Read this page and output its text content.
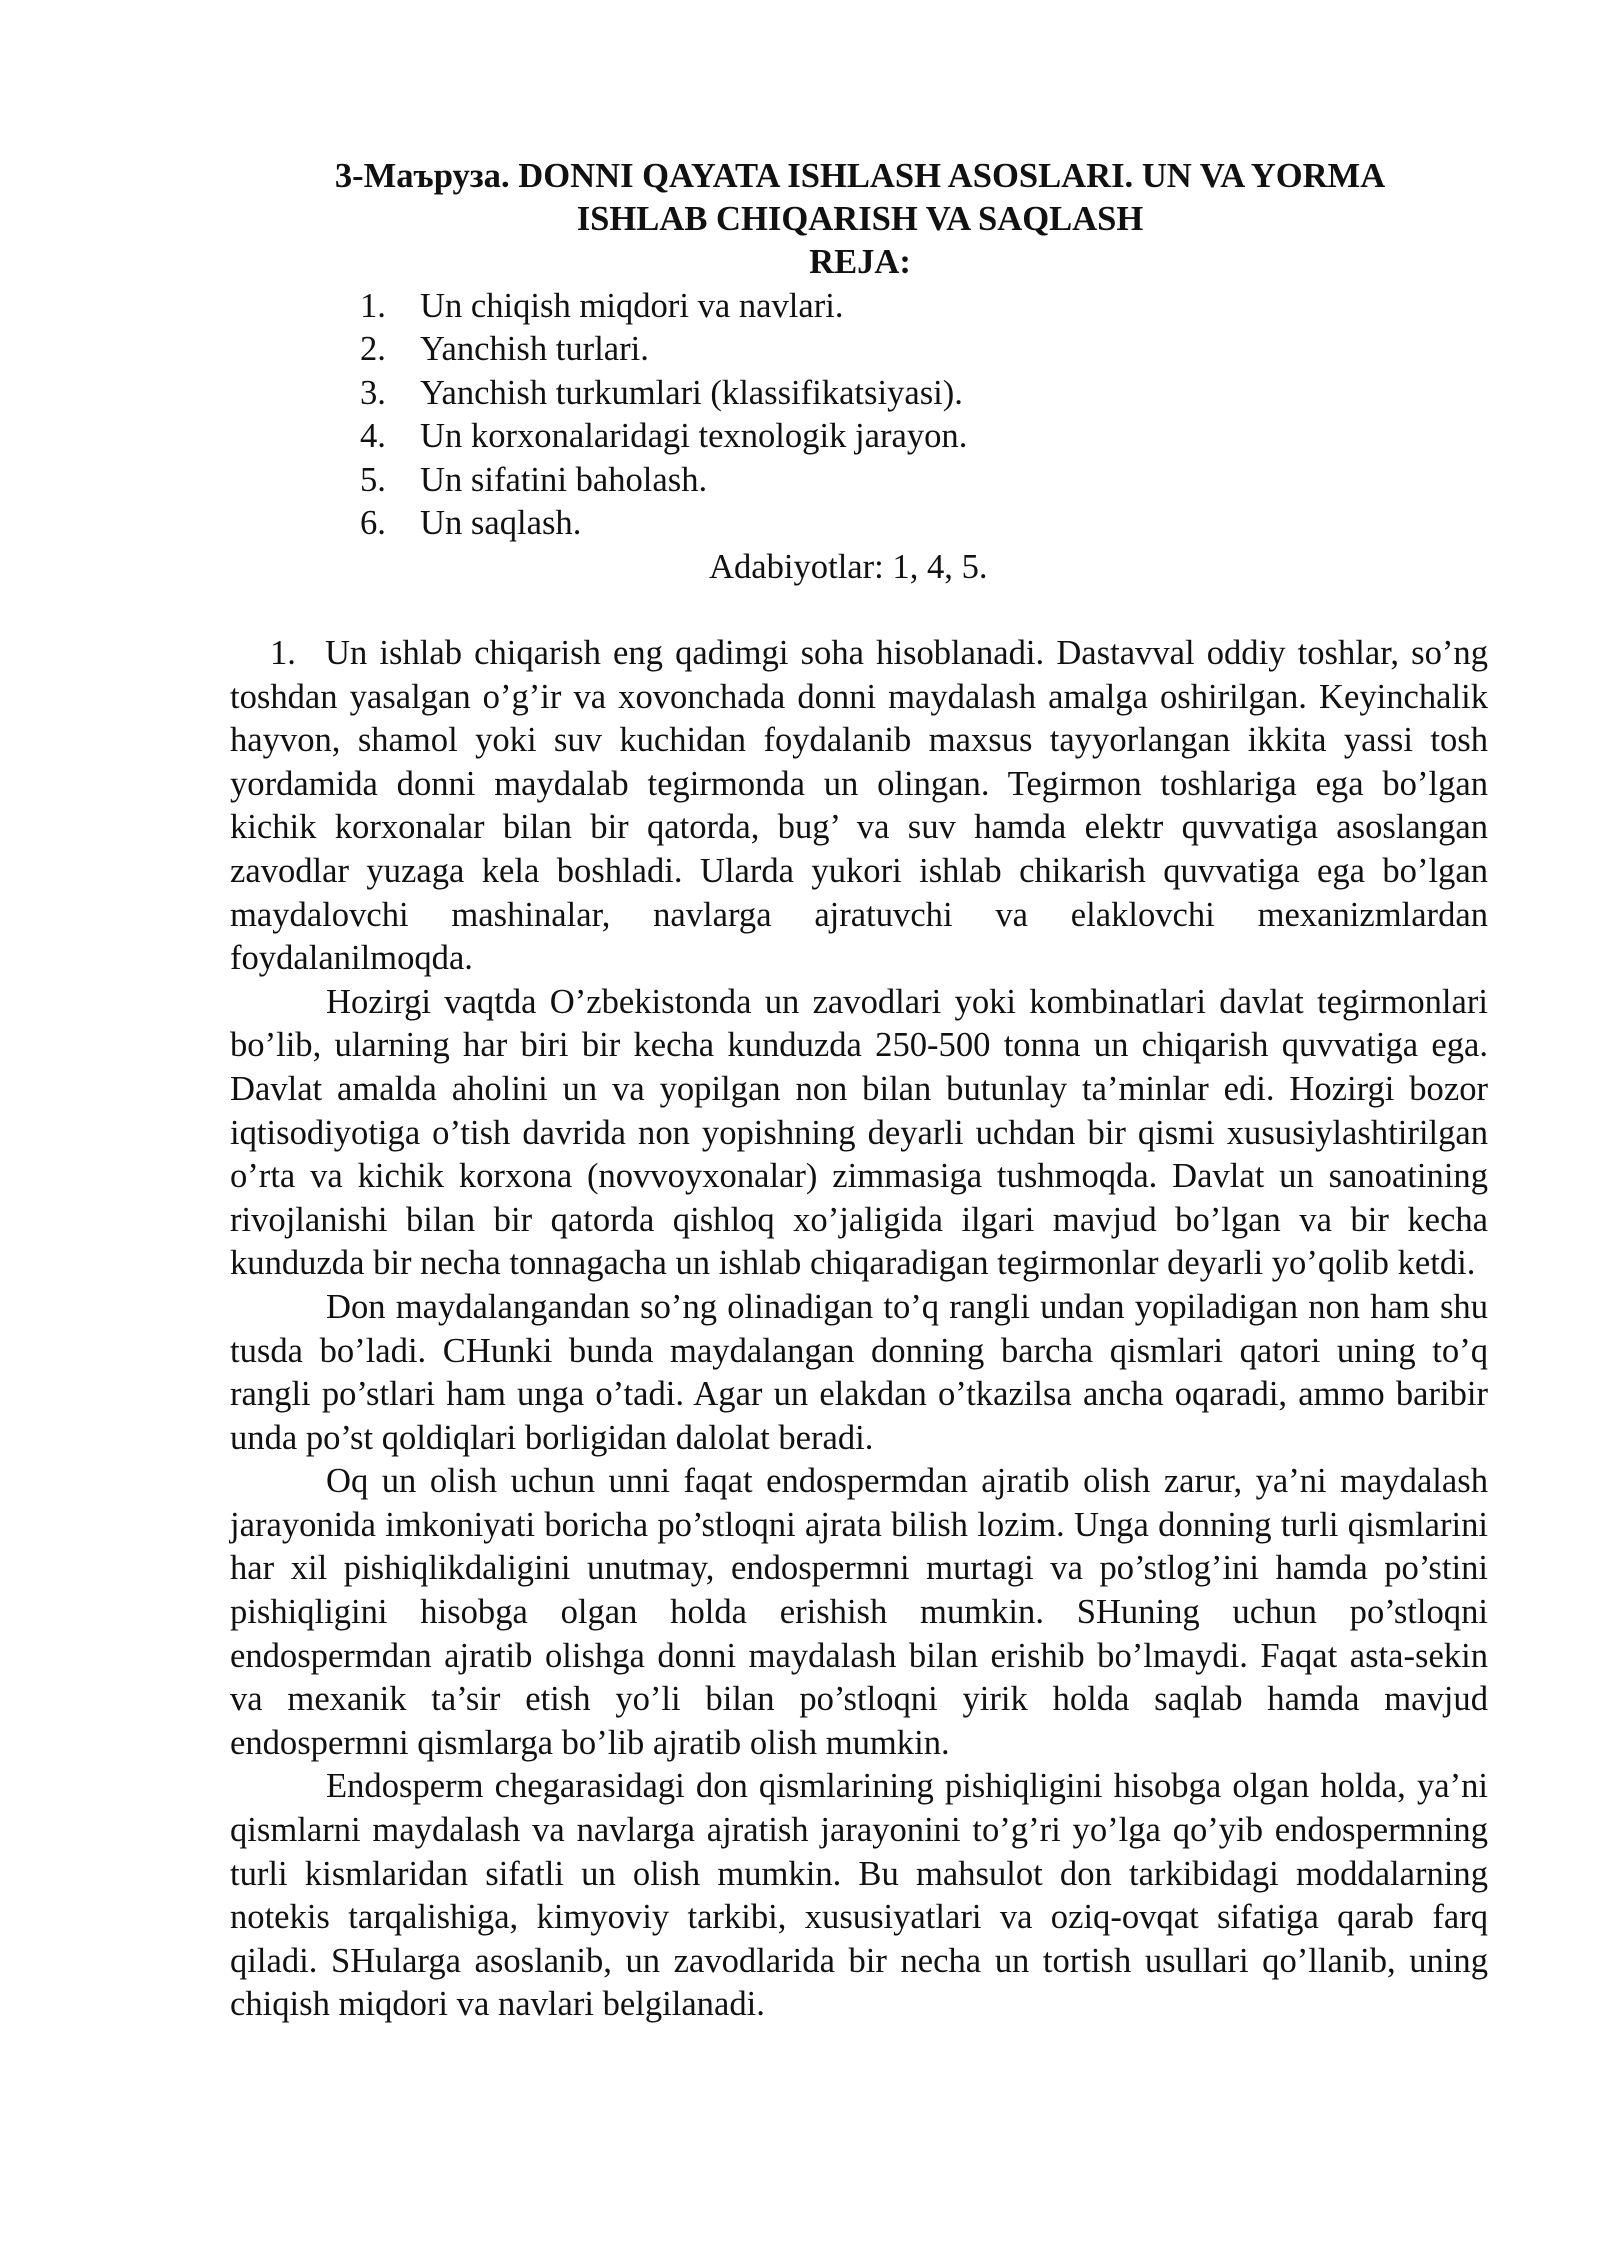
3-Маъруза. DONNI QAYATA ISHLASH ASOSLARI. UN VA YORMA
ISHLAB CHIQARISH VA SAQLASH
REJA:
1. Un chiqish miqdori va navlari.
2. Yanchish turlari.
3. Yanchish turkumlari (klassifikatsiyasi).
4. Un korxonalaridagi texnologik jarayon.
5. Un sifatini baholash.
6. Un saqlash.
Adabiyotlar: 1, 4, 5.

1. Un ishlab chiqarish eng qadimgi soha hisoblanadi. Dastavval oddiy toshlar, so’ng toshdan yasalgan o’g’ir va xovonchada donni maydalash amalga oshirilgan. Keyinchalik hayvon, shamol yoki suv kuchidan foydalanib maxsus tayyorlangan ikkita yassi tosh yordamida donni maydalab tegirmonda un olingan. Tegirmon toshlariga ega bo’lgan kichik korxonalar bilan bir qatorda, bug’ va suv hamda elektr quvvatiga asoslangan zavodlar yuzaga kela boshladi. Ularda yukori ishlab chikarish quvvatiga ega bo’lgan maydalovchi mashinalar, navlarga ajratuvchi va elaklovchi mexanizmlardan foydalanilmoqda.

Hozirgi vaqtda O’zbekistonda un zavodlari yoki kombinatlari davlat tegirmonlari bo’lib, ularning har biri bir kecha kunduzda 250-500 tonna un chiqarish quvvatiga ega. Davlat amalda aholini un va yopilgan non bilan butunlay ta’minlar edi. Hozirgi bozor iqtisodiyotiga o’tish davrida non yopishning deyarli uchdan bir qismi xususiylashtirilgan o’rta va kichik korxona (novvoyxonalar) zimmasiga tushmoqda. Davlat un sanoatining rivojlanishi bilan bir qatorda qishloq xo’jaligida ilgari mavjud bo’lgan va bir kecha kunduzda bir necha tonnagacha un ishlab chiqaradigan tegirmonlar deyarli yo’qolib ketdi.

Don maydalangandan so’ng olinadigan to’q rangli undan yopiladigan non ham shu tusda bo’ladi. CHunki bunda maydalangan donning barcha qismlari qatori uning to’q rangli po’stlari ham unga o’tadi. Agar un elakdan o’tkazilsa ancha oqaradi, ammo baribir unda po’st qoldiqlari borligidan dalolat beradi.

Oq un olish uchun unni faqat endospermdan ajratib olish zarur, ya’ni maydalash jarayonida imkoniyati boricha po’stloqni ajrata bilish lozim. Unga donning turli qismlarini har xil pishiqlikdaligini unutmay, endospermni murtagi va po’stlog’ini hamda po’stini pishiqligini hisobga olgan holda erishish mumkin. SHuning uchun po’stloqni endospermdan ajratib olishga donni maydalash bilan erishib bo’lmaydi. Faqat asta-sekin va mexanik ta’sir etish yo’li bilan po’stloqni yirik holda saqlab hamda mavjud endospermni qismlarga bo’lib ajratib olish mumkin.

Endosperm chegarasidagi don qismlarining pishiqligini hisobga olgan holda, ya’ni qismlarni maydalash va navlarga ajratish jarayonini to’g’ri yo’lga qo’yib endospermning turli kismlaridan sifatli un olish mumkin. Bu mahsulot don tarkibidagi moddalarning notekis tarqalishiga, kimyoviy tarkibi, xususiyatlari va oziq-ovqat sifatiga qarab farq qiladi. SHularga asoslanib, un zavodlarida bir necha un tortish usullari qo’llanib, uning chiqish miqdori va navlari belgilanadi.
